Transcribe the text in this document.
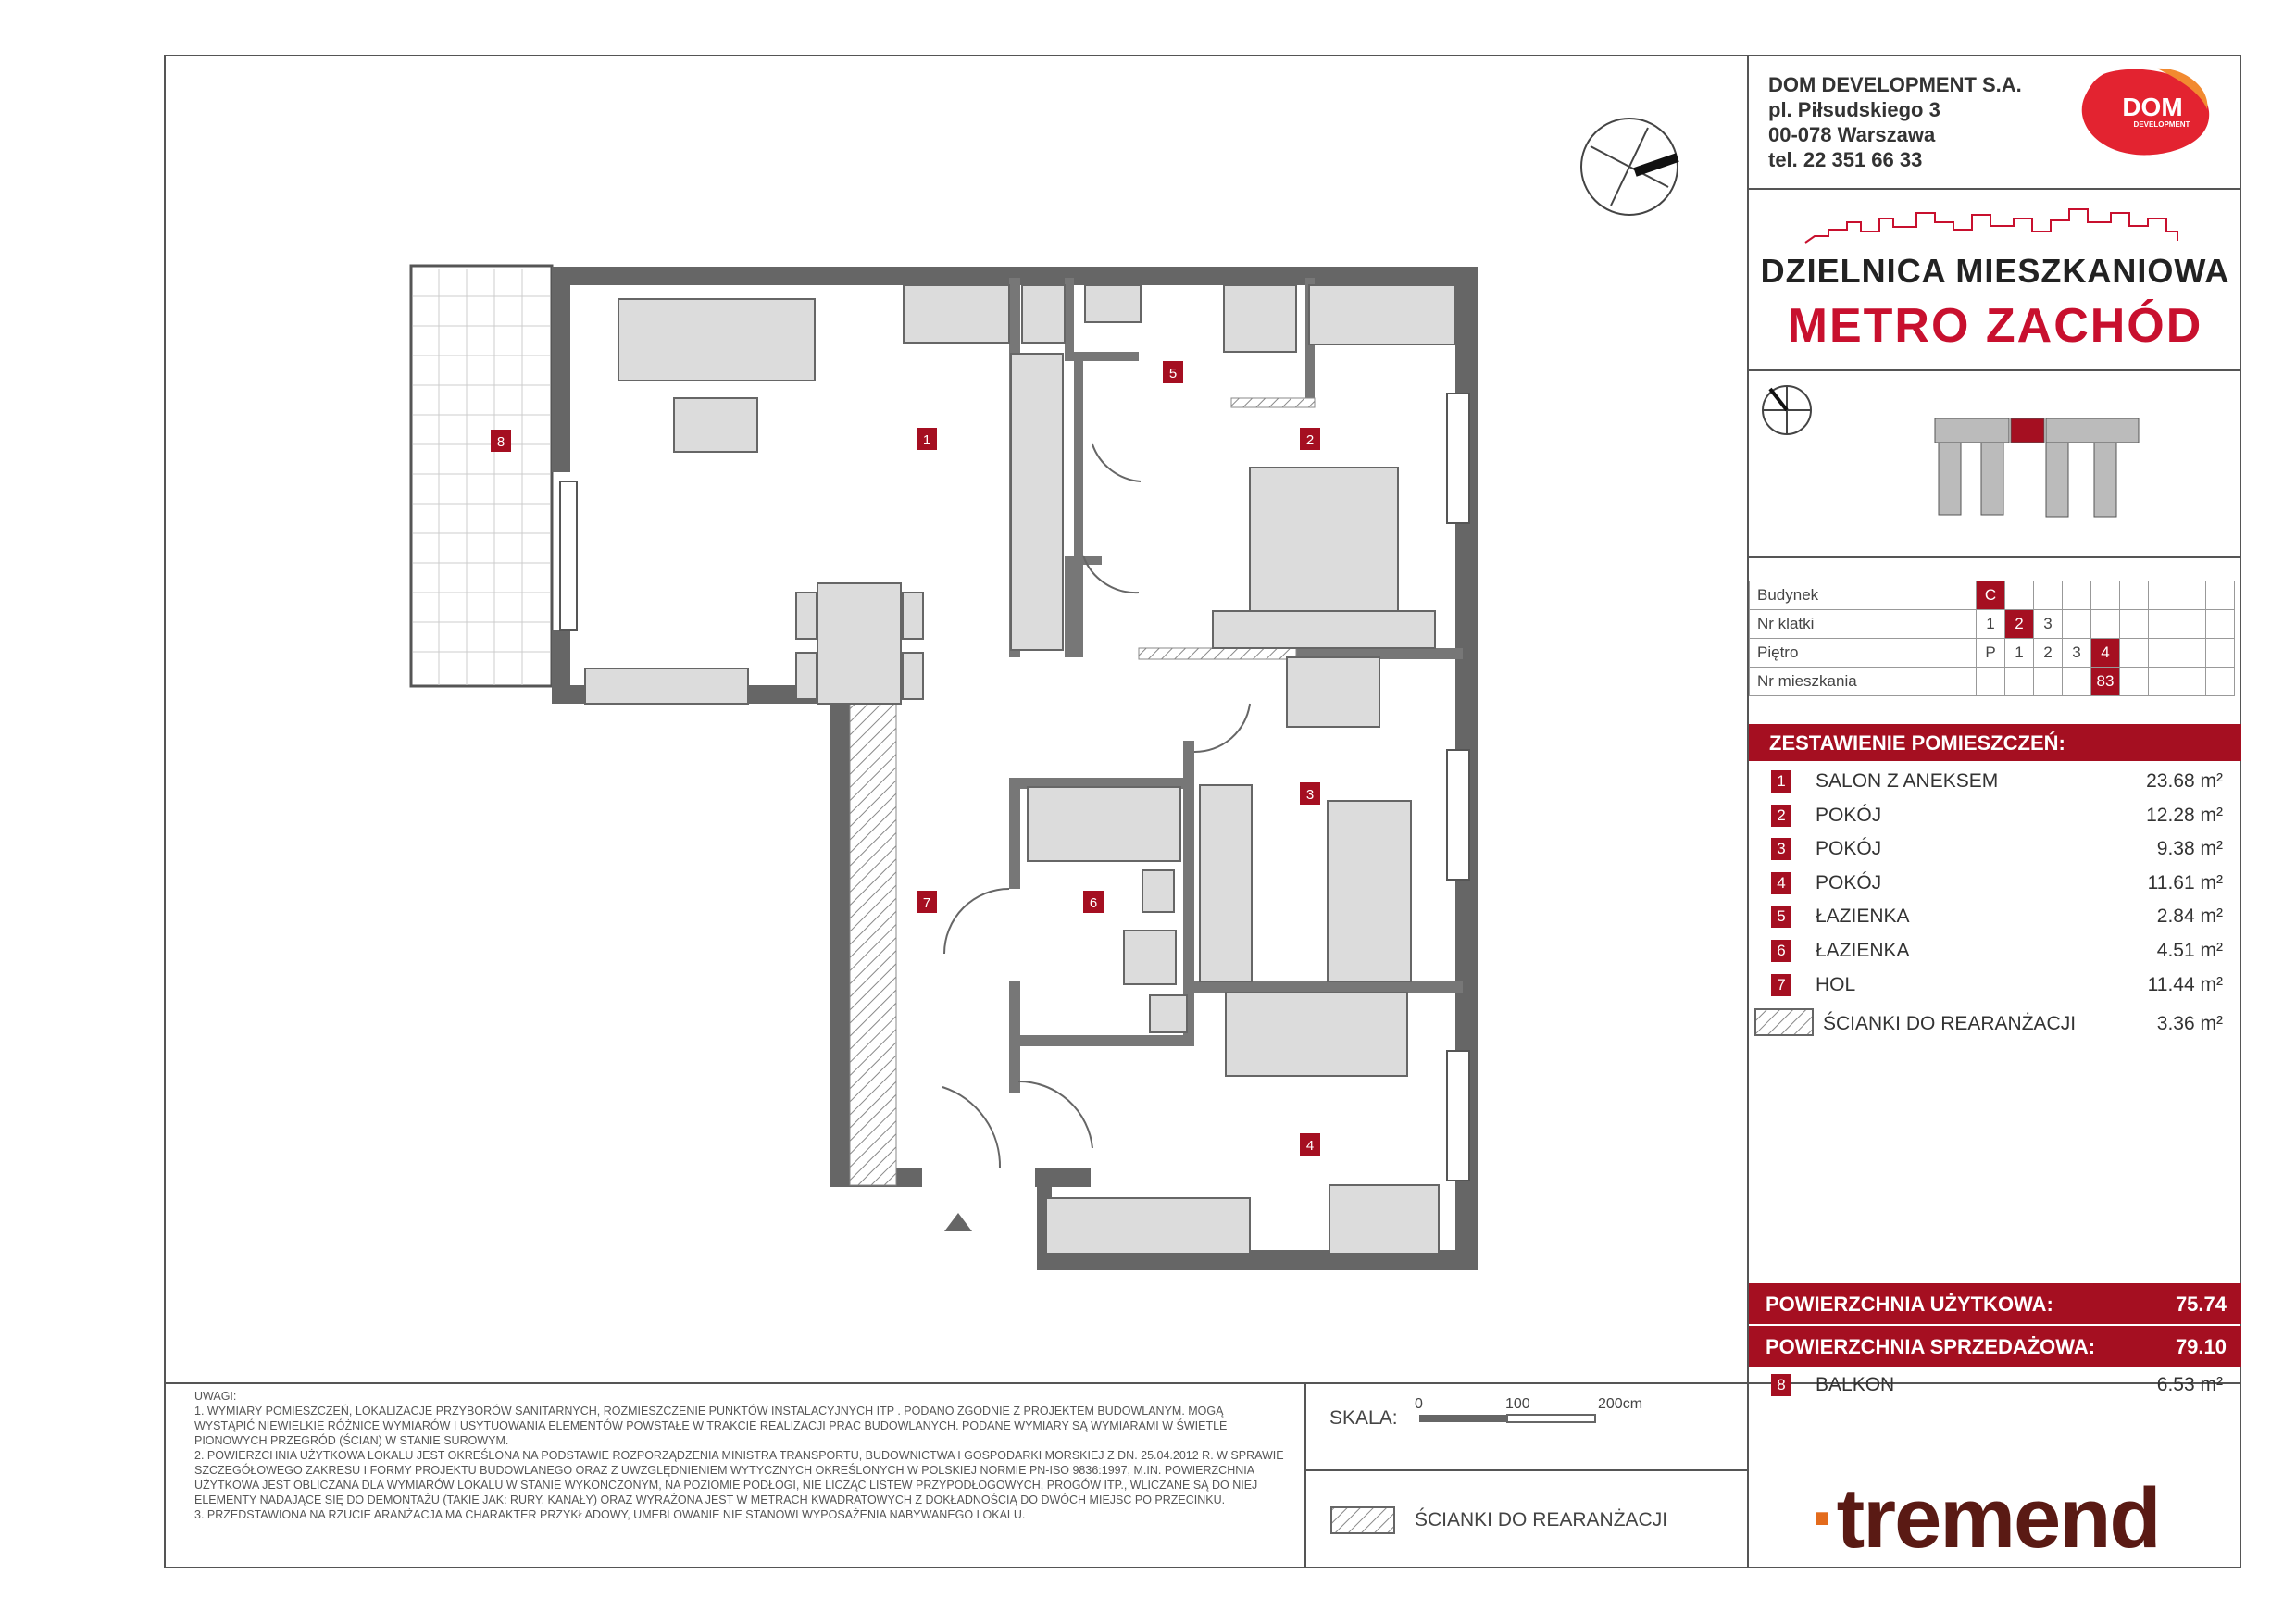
8	1
5
2
3
7	6
4
DOM DEVELOPMENT S.A.
pl. Piłsudskiego 3
00-078 Warszawa
tel. 22 351 66 33
DOM
DEVELOPMENT
DZIELNICA MIESZKANIOWA
METRO ZACHÓD
Budynek	C								
Nr klatki	1	2	3						
Piętro	P	1	2	3	4				
Nr mieszkania					83				
ZESTAWIENIE POMIESZCZEŃ:
1 SALON Z ANEKSEM	23.68 m²
2 POKÓJ	12.28 m²
3 POKÓJ	9.38 m²
4 POKÓJ	11.61 m²
5 ŁAZIENKA	2.84 m²
6 ŁAZIENKA	4.51 m²
7 HOL	11.44 m²
ŚCIANKI DO REARANŻACJI	3.36 m²
POWIERZCHNIA UŻYTKOWA:	75.74
POWIERZCHNIA SPRZEDAŻOWA:	79.10
8 BALKON	6.53 m²
UWAGI:
1. WYMIARY POMIESZCZEŃ, LOKALIZACJE PRZYBORÓW SANITARNYCH, ROZMIESZCZENIE PUNKTÓW INSTALACYJNYCH ITP . PODANO ZGODNIE Z PROJEKTEM BUDOWLANYM. MOGĄ WYSTĄPIĆ NIEWIELKIE RÓŻNICE WYMIARÓW I USYTUOWANIA ELEMENTÓW POWSTAŁE W TRAKCIE REALIZACJI PRAC BUDOWLANYCH. PODANE WYMIARY SĄ WYMIARAMI W ŚWIETLE PIONOWYCH PRZEGRÓD (ŚCIAN) W STANIE SUROWYM.
2. POWIERZCHNIA UŻYTKOWA LOKALU JEST OKREŚLONA NA PODSTAWIE ROZPORZĄDZENIA MINISTRA TRANSPORTU, BUDOWNICTWA I GOSPODARKI MORSKIEJ Z DN. 25.04.2012 R. W SPRAWIE SZCZEGÓŁOWEGO ZAKRESU I FORMY PROJEKTU BUDOWLANEGO ORAZ Z UWZGLĘDNIENIEM WYTYCZNYCH OKREŚLONYCH W POLSKIEJ NORMIE PN-ISO 9836:1997, M.IN. POWIERZCHNIA UŻYTKOWA JEST OBLICZANA DLA WYMIARÓW LOKALU W STANIE WYKONCZONYM, NA POZIOMIE PODŁOGI, NIE LICZĄC LISTEW PRZYPODŁOGOWYCH, PROGÓW ITP., WLICZANE SĄ DO NIEJ ELEMENTY NADAJĄCE SIĘ DO DEMONTAŻU (TAKIE JAK: RURY, KANAŁY) ORAZ WYRAŻONA JEST W METRACH KWADRATOWYCH Z DOKŁADNOŚCIĄ DO DWÓCH MIEJSC PO PRZECINKU.
3. PRZEDSTAWIONA NA RZUCIE ARANŻACJA MA CHARAKTER PRZYKŁADOWY, UMEBLOWANIE NIE STANOWI WYPOSAŻENIA NABYWANEGO LOKALU.
SKALA:
0	100	200cm
ŚCIANKI DO REARANŻACJI ·tremend
